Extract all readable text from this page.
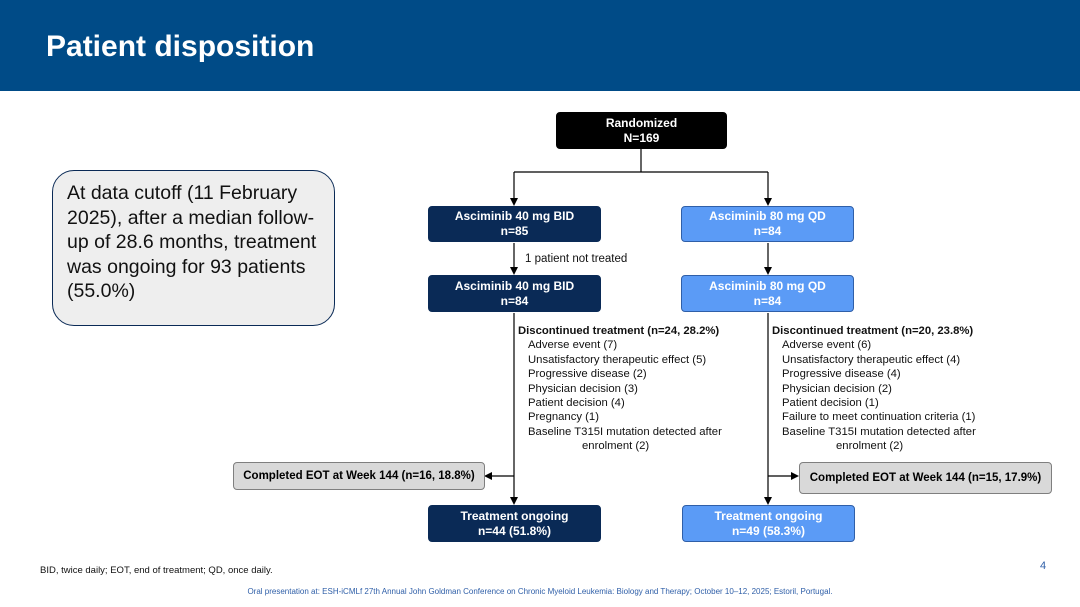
Patient disposition
At data cutoff (11 February 2025), after a median follow-up of 28.6 months, treatment was ongoing for 93 patients (55.0%)
Randomized
N=169
Asciminib 40 mg BID
n=85
Asciminib 80 mg QD
n=84
1 patient not treated
Asciminib 40 mg BID
n=84
Asciminib 80 mg QD
n=84
Discontinued treatment (n=24, 28.2%)
Adverse event (7)
Unsatisfactory therapeutic effect (5)
Progressive disease (2)
Physician decision (3)
Patient decision (4)
Pregnancy (1)
Baseline T315I mutation detected after
enrolment (2)
Discontinued treatment (n=20, 23.8%)
Adverse event (6)
Unsatisfactory therapeutic effect (4)
Progressive disease (4)
Physician decision (2)
Patient decision (1)
Failure to meet continuation criteria (1)
Baseline T315I mutation detected after
enrolment (2)
Completed EOT at Week 144 (n=16, 18.8%)	Completed EOT at Week 144 (n=15, 17.9%)
Treatment ongoing
n=44 (51.8%)
Treatment ongoing
n=49 (58.3%)
BID, twice daily; EOT, end of treatment; QD, once daily.	4
Oral presentation at: ESH-iCMLf 27th Annual John Goldman Conference on Chronic Myeloid Leukemia: Biology and Therapy; October 10–12, 2025; Estoril, Portugal.
